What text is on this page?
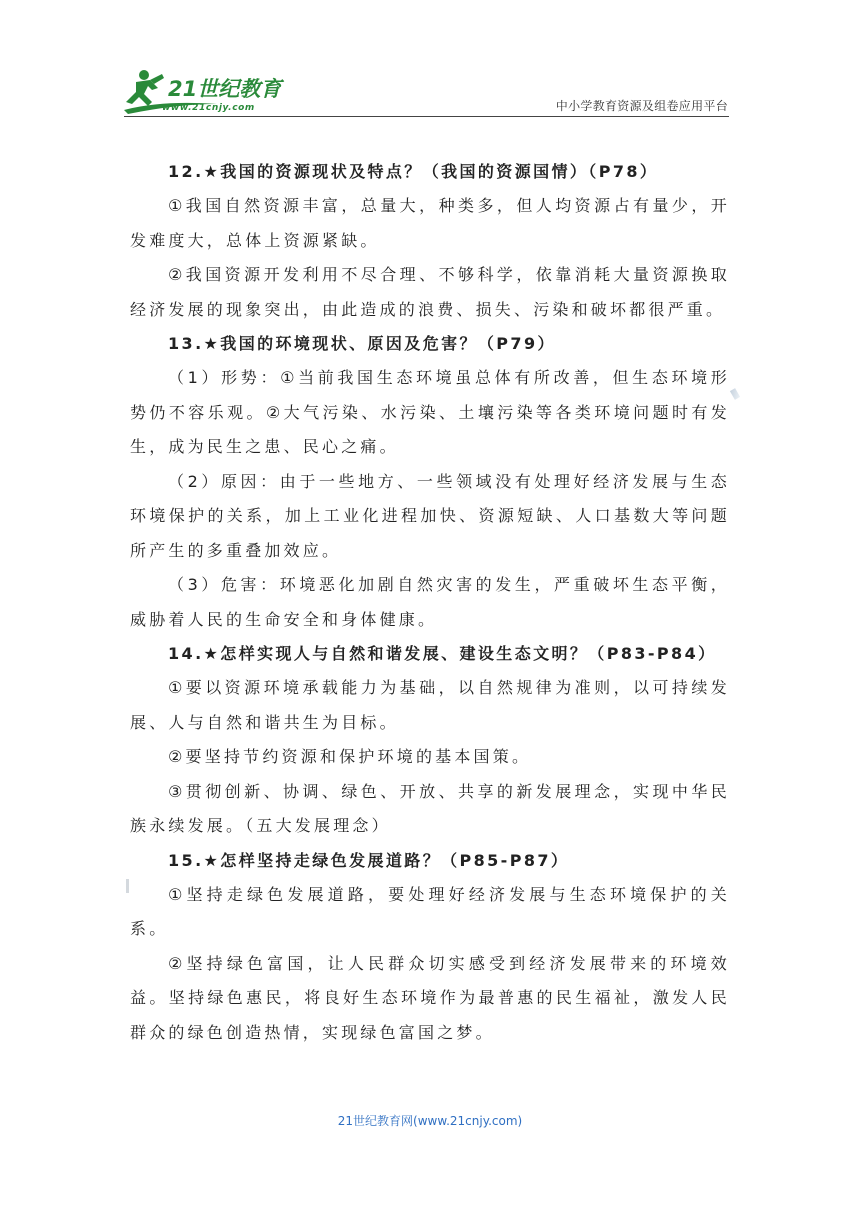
21世纪教育
www.21cnjy.com	中小学教育资源及组卷应用平台

12.★我国的资源现状及特点？（我国的资源国情）（P78）

①我国自然资源丰富，总量大，种类多，但人均资源占有量少，开发难度大，总体上资源紧缺。

②我国资源开发利用不尽合理、不够科学，依靠消耗大量资源换取经济发展的现象突出，由此造成的浪费、损失、污染和破坏都很严重。

13.★我国的环境现状、原因及危害？（P79）

（1）形势：①当前我国生态环境虽总体有所改善，但生态环境形势仍不容乐观。②大气污染、水污染、土壤污染等各类环境问题时有发生，成为民生之患、民心之痛。

（2）原因：由于一些地方、一些领域没有处理好经济发展与生态环境保护的关系，加上工业化进程加快、资源短缺、人口基数大等问题所产生的多重叠加效应。

（3）危害：环境恶化加剧自然灾害的发生，严重破坏生态平衡，威胁着人民的生命安全和身体健康。

14.★怎样实现人与自然和谐发展、建设生态文明？（P83-P84）

①要以资源环境承载能力为基础，以自然规律为准则，以可持续发展、人与自然和谐共生为目标。

②要坚持节约资源和保护环境的基本国策。

③贯彻创新、协调、绿色、开放、共享的新发展理念，实现中华民族永续发展。（五大发展理念）

15.★怎样坚持走绿色发展道路？（P85-P87）

①坚持走绿色发展道路，要处理好经济发展与生态环境保护的关系。

②坚持绿色富国，让人民群众切实感受到经济发展带来的环境效益。坚持绿色惠民，将良好生态环境作为最普惠的民生福祉，激发人民群众的绿色创造热情，实现绿色富国之梦。

21世纪教育网(www.21cnjy.com)
